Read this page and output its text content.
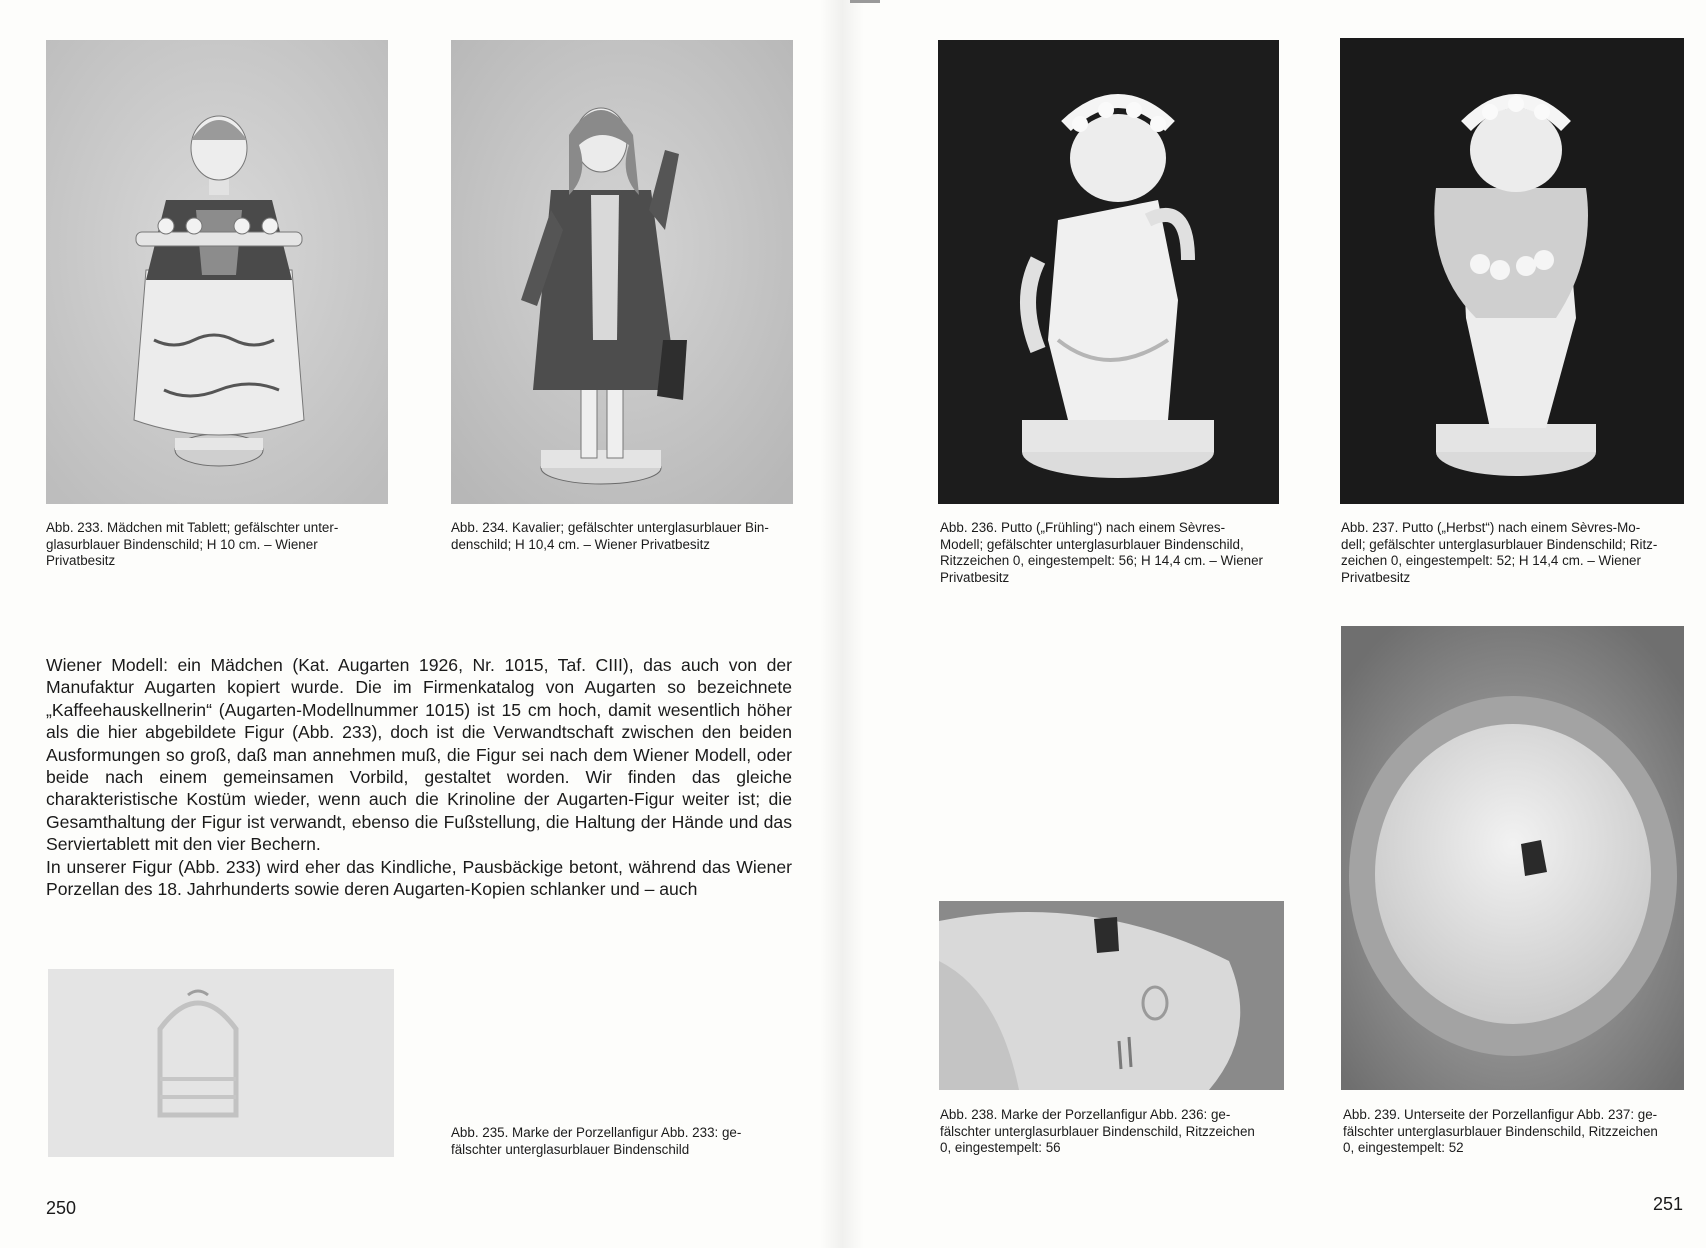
Abb. 233. Mädchen mit Tablett; gefälschter unter-
glasurblauer Bindenschild; H 10 cm. – Wiener
Privatbesitz
Abb. 234. Kavalier; gefälschter unterglasurblauer Bin-
denschild; H 10,4 cm. – Wiener Privatbesitz

Wiener Modell: ein Mädchen (Kat. Augarten 1926, Nr. 1015, Taf. CIII), das auch von der Manufaktur Augarten kopiert wurde. Die im Firmenkatalog von Augarten so bezeichnete „Kaffeehauskellnerin“ (Augarten-Modellnummer 1015) ist 15 cm hoch, damit wesentlich höher als die hier abgebildete Figur (Abb. 233), doch ist die Verwandtschaft zwischen den beiden Ausformungen so groß, daß man annehmen muß, die Figur sei nach dem Wiener Modell, oder beide nach einem gemeinsamen Vorbild, gestaltet worden. Wir finden das gleiche charakteristische Kostüm wieder, wenn auch die Krinoline der Augarten-Figur weiter ist; die Gesamthaltung der Figur ist verwandt, ebenso die Fußstellung, die Haltung der Hände und das Serviertablett mit den vier Bechern.

In unserer Figur (Abb. 233) wird eher das Kindliche, Pausbäckige betont, während das Wiener Porzellan des 18. Jahrhunderts sowie deren Augarten-Kopien schlanker und – auch

Abb. 235. Marke der Porzellanfigur Abb. 233: ge-
fälschter unterglasurblauer Bindenschild
250
Abb. 236. Putto („Frühling“) nach einem Sèvres-
Modell; gefälschter unterglasurblauer Bindenschild,
Ritzzeichen 0, eingestempelt: 56; H 14,4 cm. – Wiener
Privatbesitz
Abb. 237. Putto („Herbst“) nach einem Sèvres-Mo-
dell; gefälschter unterglasurblauer Bindenschild; Ritz-
zeichen 0, eingestempelt: 52; H 14,4 cm. – Wiener
Privatbesitz
Abb. 238. Marke der Porzellanfigur Abb. 236: ge-
fälschter unterglasurblauer Bindenschild, Ritzzeichen
0, eingestempelt: 56
Abb. 239. Unterseite der Porzellanfigur Abb. 237: ge-
fälschter unterglasurblauer Bindenschild, Ritzzeichen
0, eingestempelt: 52
251
